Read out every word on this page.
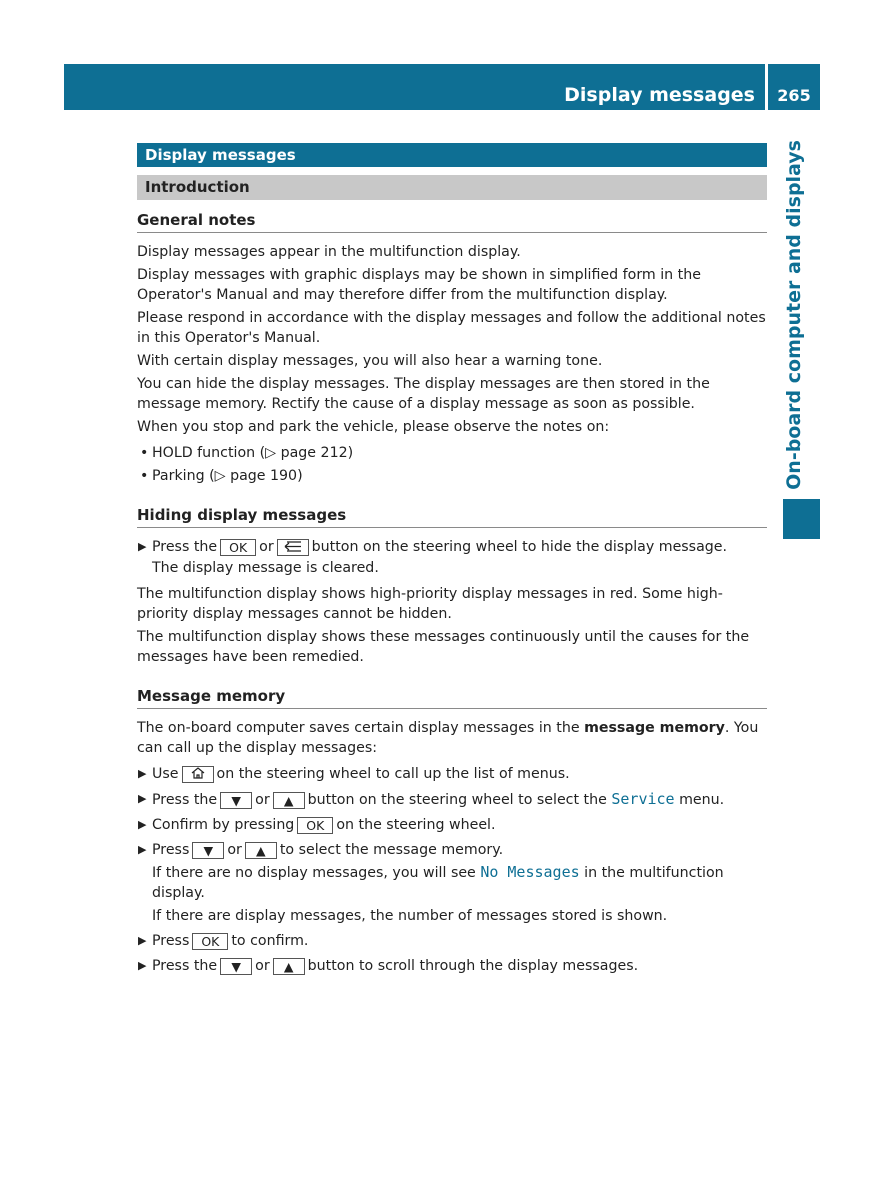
Display messages	265
On-board computer and displays
Display messages
Introduction
General notes

Display messages appear in the multifunction display.

Display messages with graphic displays may be shown in simplified form in the Operator's Manual and may therefore differ from the multifunction display.

Please respond in accordance with the display messages and follow the additional notes in this Operator's Manual.

With certain display messages, you will also hear a warning tone.

You can hide the display messages. The display messages are then stored in the message memory. Rectify the cause of a display message as soon as possible.

When you stop and park the vehicle, please observe the notes on:

• HOLD function (▷ page 212)
• Parking (▷ page 190)
Hiding display messages
▶ Press the OK or	button on the steering wheel to hide the display message.
The display message is cleared.

The multifunction display shows high-priority display messages in red. Some high-priority display messages cannot be hidden.

The multifunction display shows these messages continuously until the causes for the messages have been remedied.

Message memory

The on-board computer saves certain display messages in the message memory. You can call up the display messages:

▶ Use	on the steering wheel to call up the list of menus.
▶ Press the ▼ or ▲ button on the steering wheel to select the Service menu.
▶ Confirm by pressing OK on the steering wheel.
▶ Press ▼ or ▲ to select the message memory.
If there are no display messages, you will see No Messages in the multifunction display.
If there are display messages, the number of messages stored is shown.
▶ Press OK to confirm.
▶ Press the ▼ or ▲ button to scroll through the display messages.
